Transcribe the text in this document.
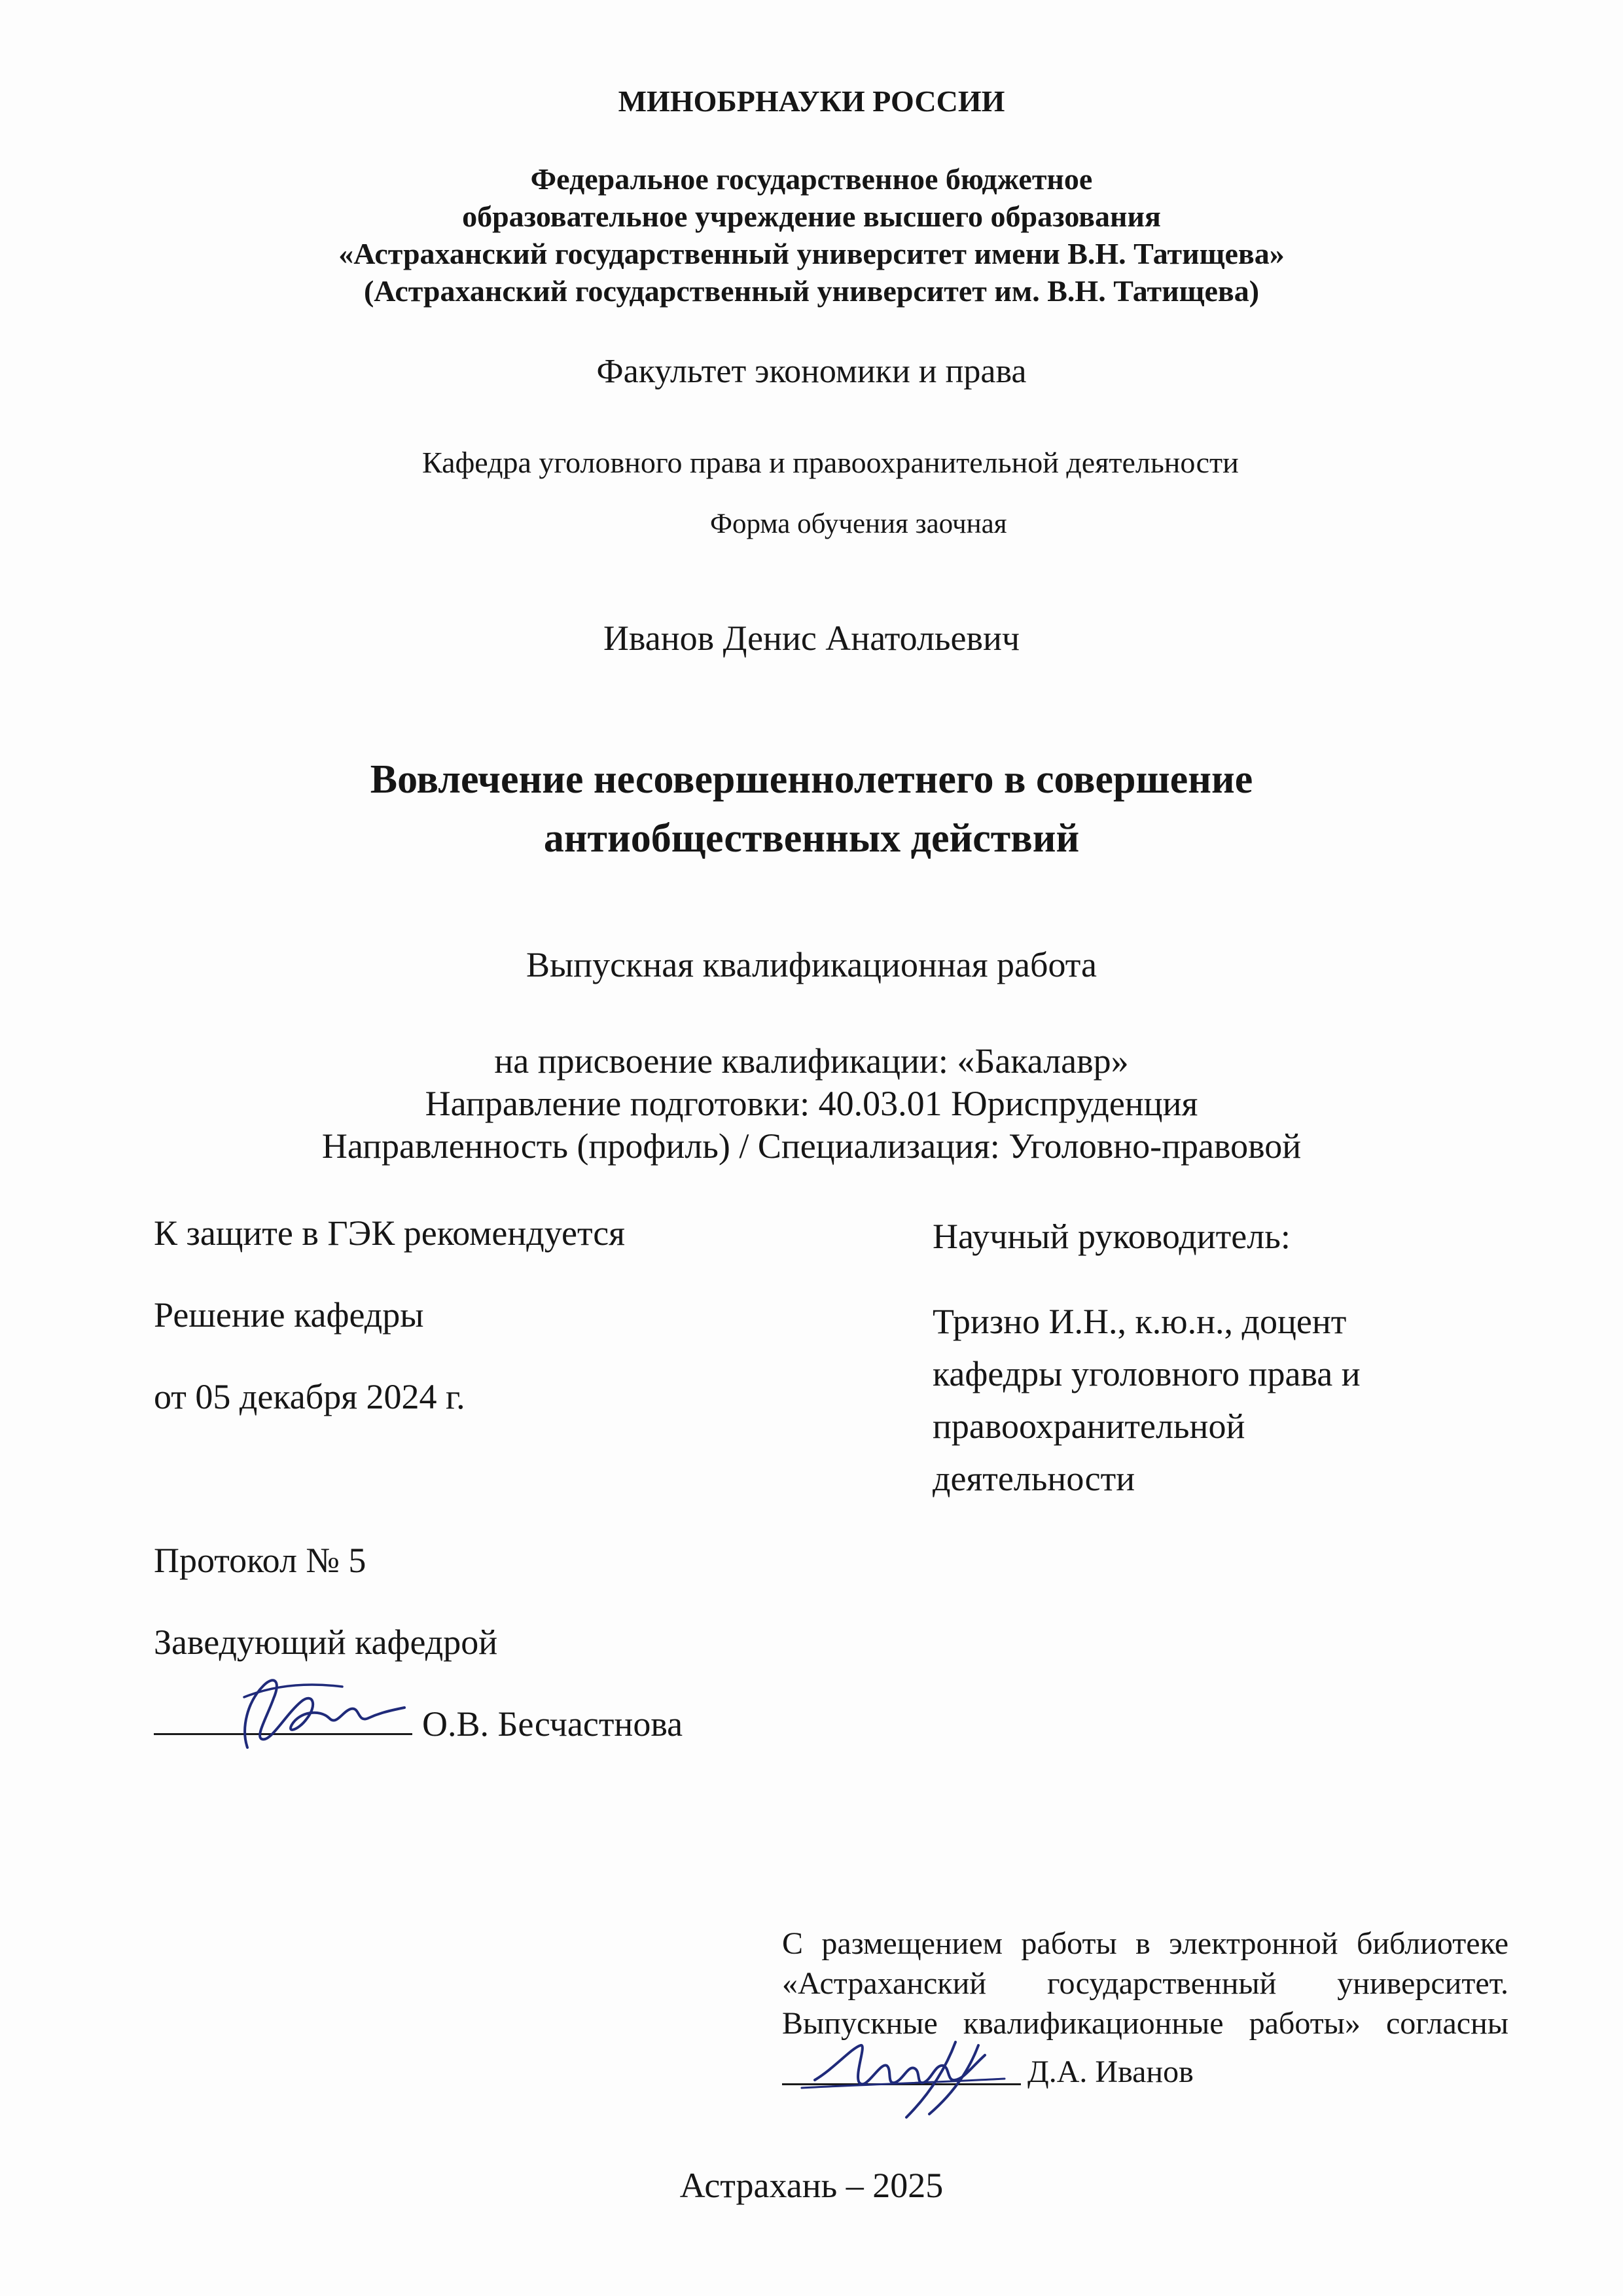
МИНОБРНАУКИ РОССИИ
Федеральное государственное бюджетное
образовательное учреждение высшего образования
«Астраханский государственный университет имени В.Н. Татищева»
(Астраханский государственный университет им. В.Н. Татищева)
Факультет экономики и права
Кафедра уголовного права и правоохранительной деятельности
Форма обучения заочная
Иванов Денис Анатольевич
Вовлечение несовершеннолетнего в совершение
антиобщественных действий
Выпускная квалификационная работа
на присвоение квалификации: «Бакалавр»
Направление подготовки: 40.03.01 Юриспруденция
Направленность (профиль) / Специализация: Уголовно-правовой
К защите в ГЭК рекомендуется
Решение кафедры
от 05 декабря 2024 г.
Протокол № 5
Заведующий кафедрой
О.В. Бесчастнова
Научный руководитель:
Тризно И.Н., к.ю.н., доцент
кафедры уголовного права и
правоохранительной
деятельности
С размещением работы в электронной библиотеке
«Астраханский государственный университет.
Выпускные квалификационные работы» согласны
Д.А. Иванов
Астрахань – 2025
